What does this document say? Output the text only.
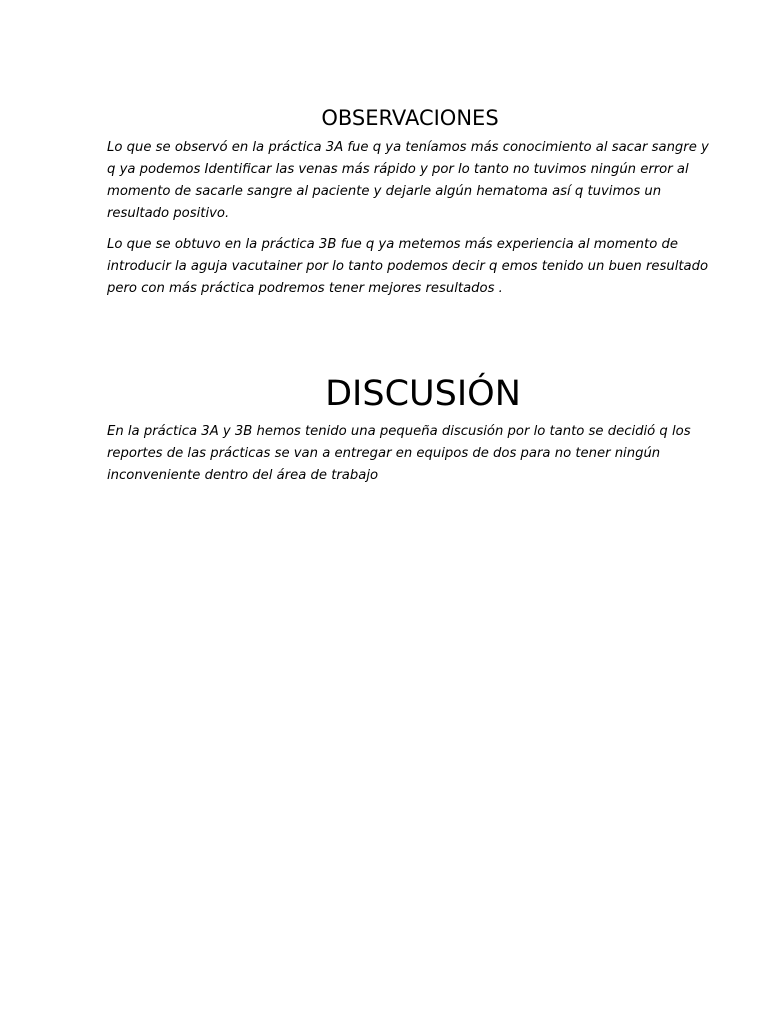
OBSERVACIONES

Lo que se observó en la práctica 3A fue q ya teníamos más conocimiento al sacar sangre y
q ya podemos Identificar las venas más rápido y por lo tanto no tuvimos ningún error al
momento de sacarle sangre al paciente y dejarle algún hematoma así q tuvimos un
resultado positivo.

Lo que se obtuvo en la práctica 3B fue q ya metemos más experiencia al momento de
introducir la aguja vacutainer por lo tanto podemos decir q emos tenido un buen resultado
pero con más práctica podremos tener mejores resultados .

DISCUSIÓN

En la práctica 3A y 3B hemos tenido una pequeña discusión por lo tanto se decidió q los
reportes de las prácticas se van a entregar en equipos de dos para no tener ningún
inconveniente dentro del área de trabajo
